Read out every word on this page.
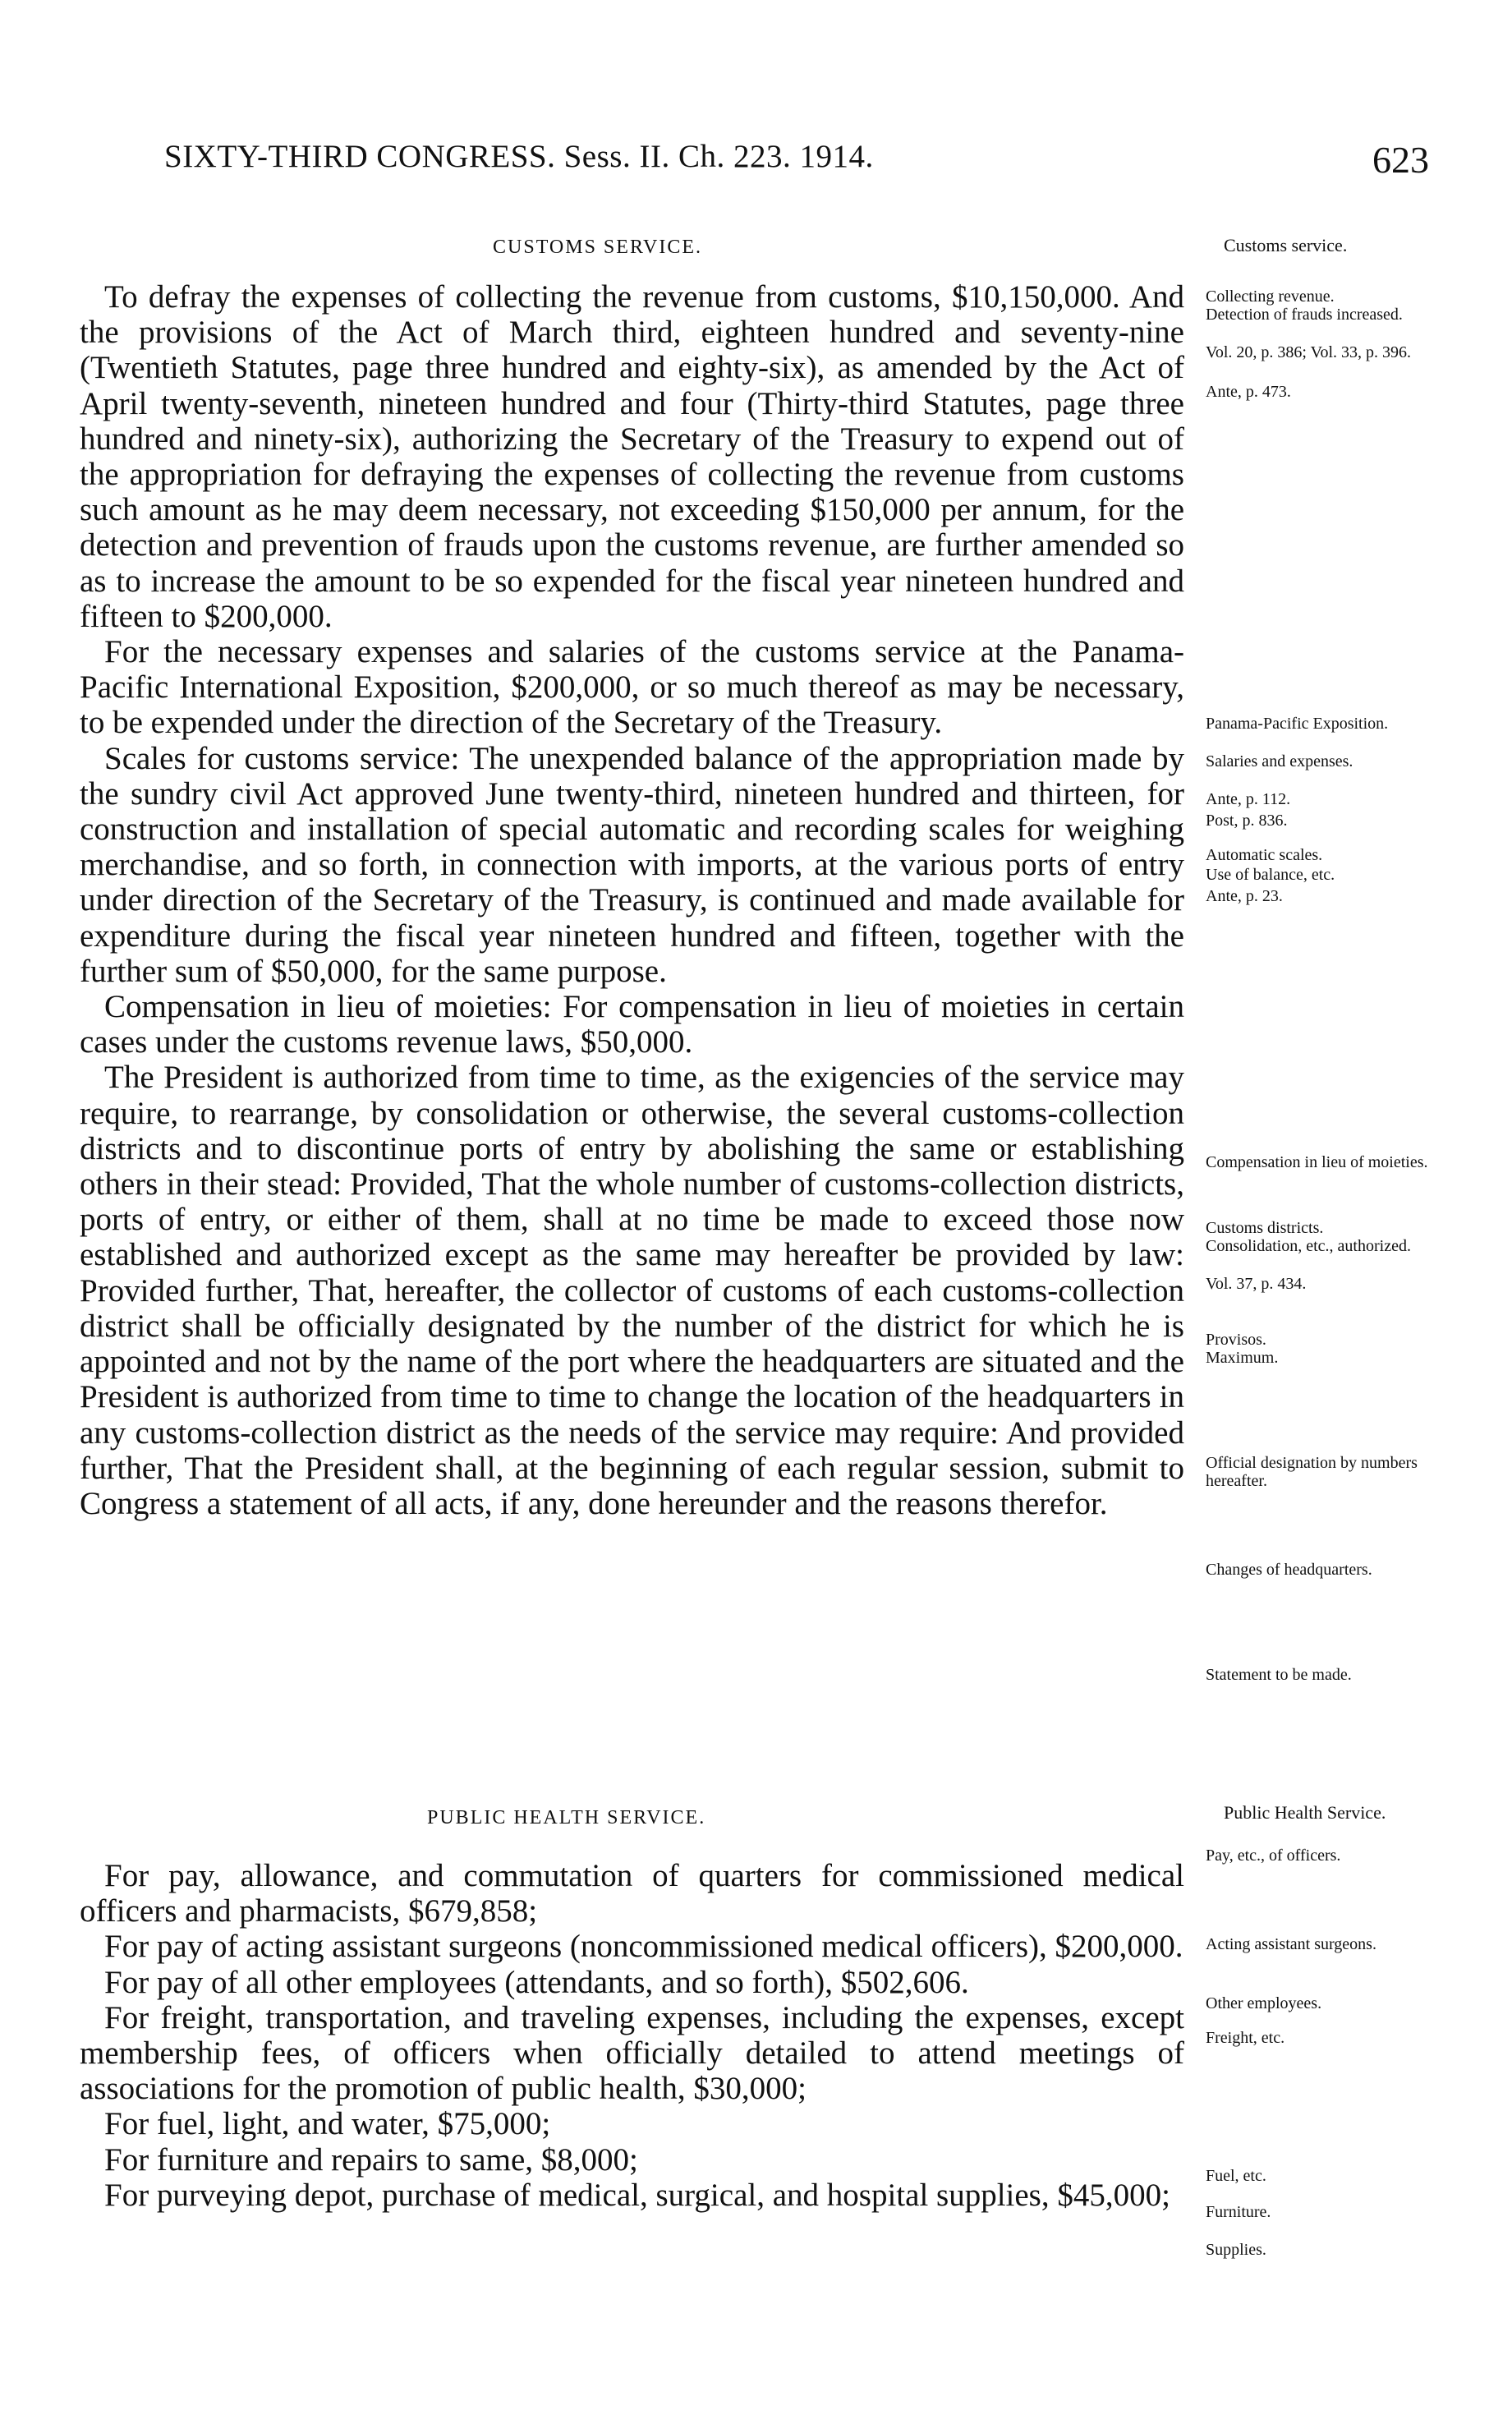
SIXTY-THIRD CONGRESS. Sess. II. Ch. 223. 1914.	623
CUSTOMS SERVICE.	Customs service.

To defray the expenses of collecting the revenue from customs, $10,150,000. And the provisions of the Act of March third, eighteen hundred and seventy-nine (Twentieth Statutes, page three hundred and eighty-six), as amended by the Act of April twenty-seventh, nineteen hundred and four (Thirty-third Statutes, page three hundred and ninety-six), authorizing the Secretary of the Treasury to expend out of the appropriation for defraying the expenses of collecting the revenue from customs such amount as he may deem necessary, not exceeding $150,000 per annum, for the detection and prevention of frauds upon the customs revenue, are further amended so as to increase the amount to be so expended for the fiscal year nineteen hundred and fifteen to $200,000.

For the necessary expenses and salaries of the customs service at the Panama-Pacific International Exposition, $200,000, or so much thereof as may be necessary, to be expended under the direction of the Secretary of the Treasury.

Scales for customs service: The unexpended balance of the appropriation made by the sundry civil Act approved June twenty-third, nineteen hundred and thirteen, for construction and installation of special automatic and recording scales for weighing merchandise, and so forth, in connection with imports, at the various ports of entry under direction of the Secretary of the Treasury, is continued and made available for expenditure during the fiscal year nineteen hundred and fifteen, together with the further sum of $50,000, for the same purpose.

Compensation in lieu of moieties: For compensation in lieu of moieties in certain cases under the customs revenue laws, $50,000.

The President is authorized from time to time, as the exigencies of the service may require, to rearrange, by consolidation or otherwise, the several customs-collection districts and to discontinue ports of entry by abolishing the same or establishing others in their stead: Provided, That the whole number of customs-collection districts, ports of entry, or either of them, shall at no time be made to exceed those now established and authorized except as the same may hereafter be provided by law: Provided further, That, hereafter, the collector of customs of each customs-collection district shall be officially designated by the number of the district for which he is appointed and not by the name of the port where the headquarters are situated and the President is authorized from time to time to change the location of the headquarters in any customs-collection district as the needs of the service may require: And provided further, That the President shall, at the beginning of each regular session, submit to Congress a statement of all acts, if any, done hereunder and the reasons therefor.

PUBLIC HEALTH SERVICE.	Public Health Service.

For pay, allowance, and commutation of quarters for commissioned medical officers and pharmacists, $679,858;

For pay of acting assistant surgeons (noncommissioned medical officers), $200,000.

For pay of all other employees (attendants, and so forth), $502,606.

For freight, transportation, and traveling expenses, including the expenses, except membership fees, of officers when officially detailed to attend meetings of associations for the promotion of public health, $30,000;

For fuel, light, and water, $75,000;

For furniture and repairs to same, $8,000;

For purveying depot, purchase of medical, surgical, and hospital supplies, $45,000;

Collecting revenue.
Detection of frauds increased.
Vol. 20, p. 386; Vol. 33, p. 396.
Ante, p. 473.
Panama-Pacific Exposition.
Salaries and expenses.
Ante, p. 112.
Post, p. 836.
Automatic scales.
Use of balance, etc.
Ante, p. 23.
Compensation in lieu of moieties.
Customs districts.
Consolidation, etc., authorized.
Vol. 37, p. 434.
Provisos.
Maximum.
Official designation by numbers hereafter.
Changes of headquarters.
Statement to be made.
Pay, etc., of officers.
Acting assistant surgeons.
Other employees.
Freight, etc.
Fuel, etc.
Furniture.
Supplies.
